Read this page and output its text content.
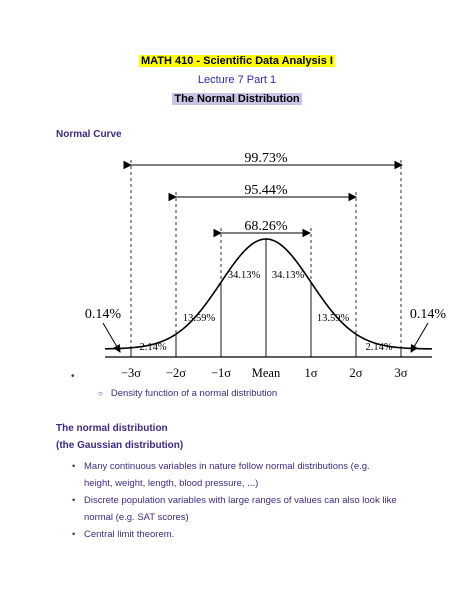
MATH 410 - Scientific Data Analysis I
Lecture 7 Part 1
The Normal Distribution
Normal Curve
99.73%
95.44%
68.26%
34.13% 34.13%
13.59%	13.59%
2.14%	2.14%
0.14%	0.14%
−3σ −2σ −1σ Mean 1σ	2σ	3σ
•
○ Density function of a normal distribution
The normal distribution
(the Gaussian distribution)
• Many continuous variables in nature follow normal distributions (e.g.
height, weight, length, blood pressure, ...)
• Discrete population variables with large ranges of values can also look like
normal (e.g. SAT scores)
• Central limit theorem.
